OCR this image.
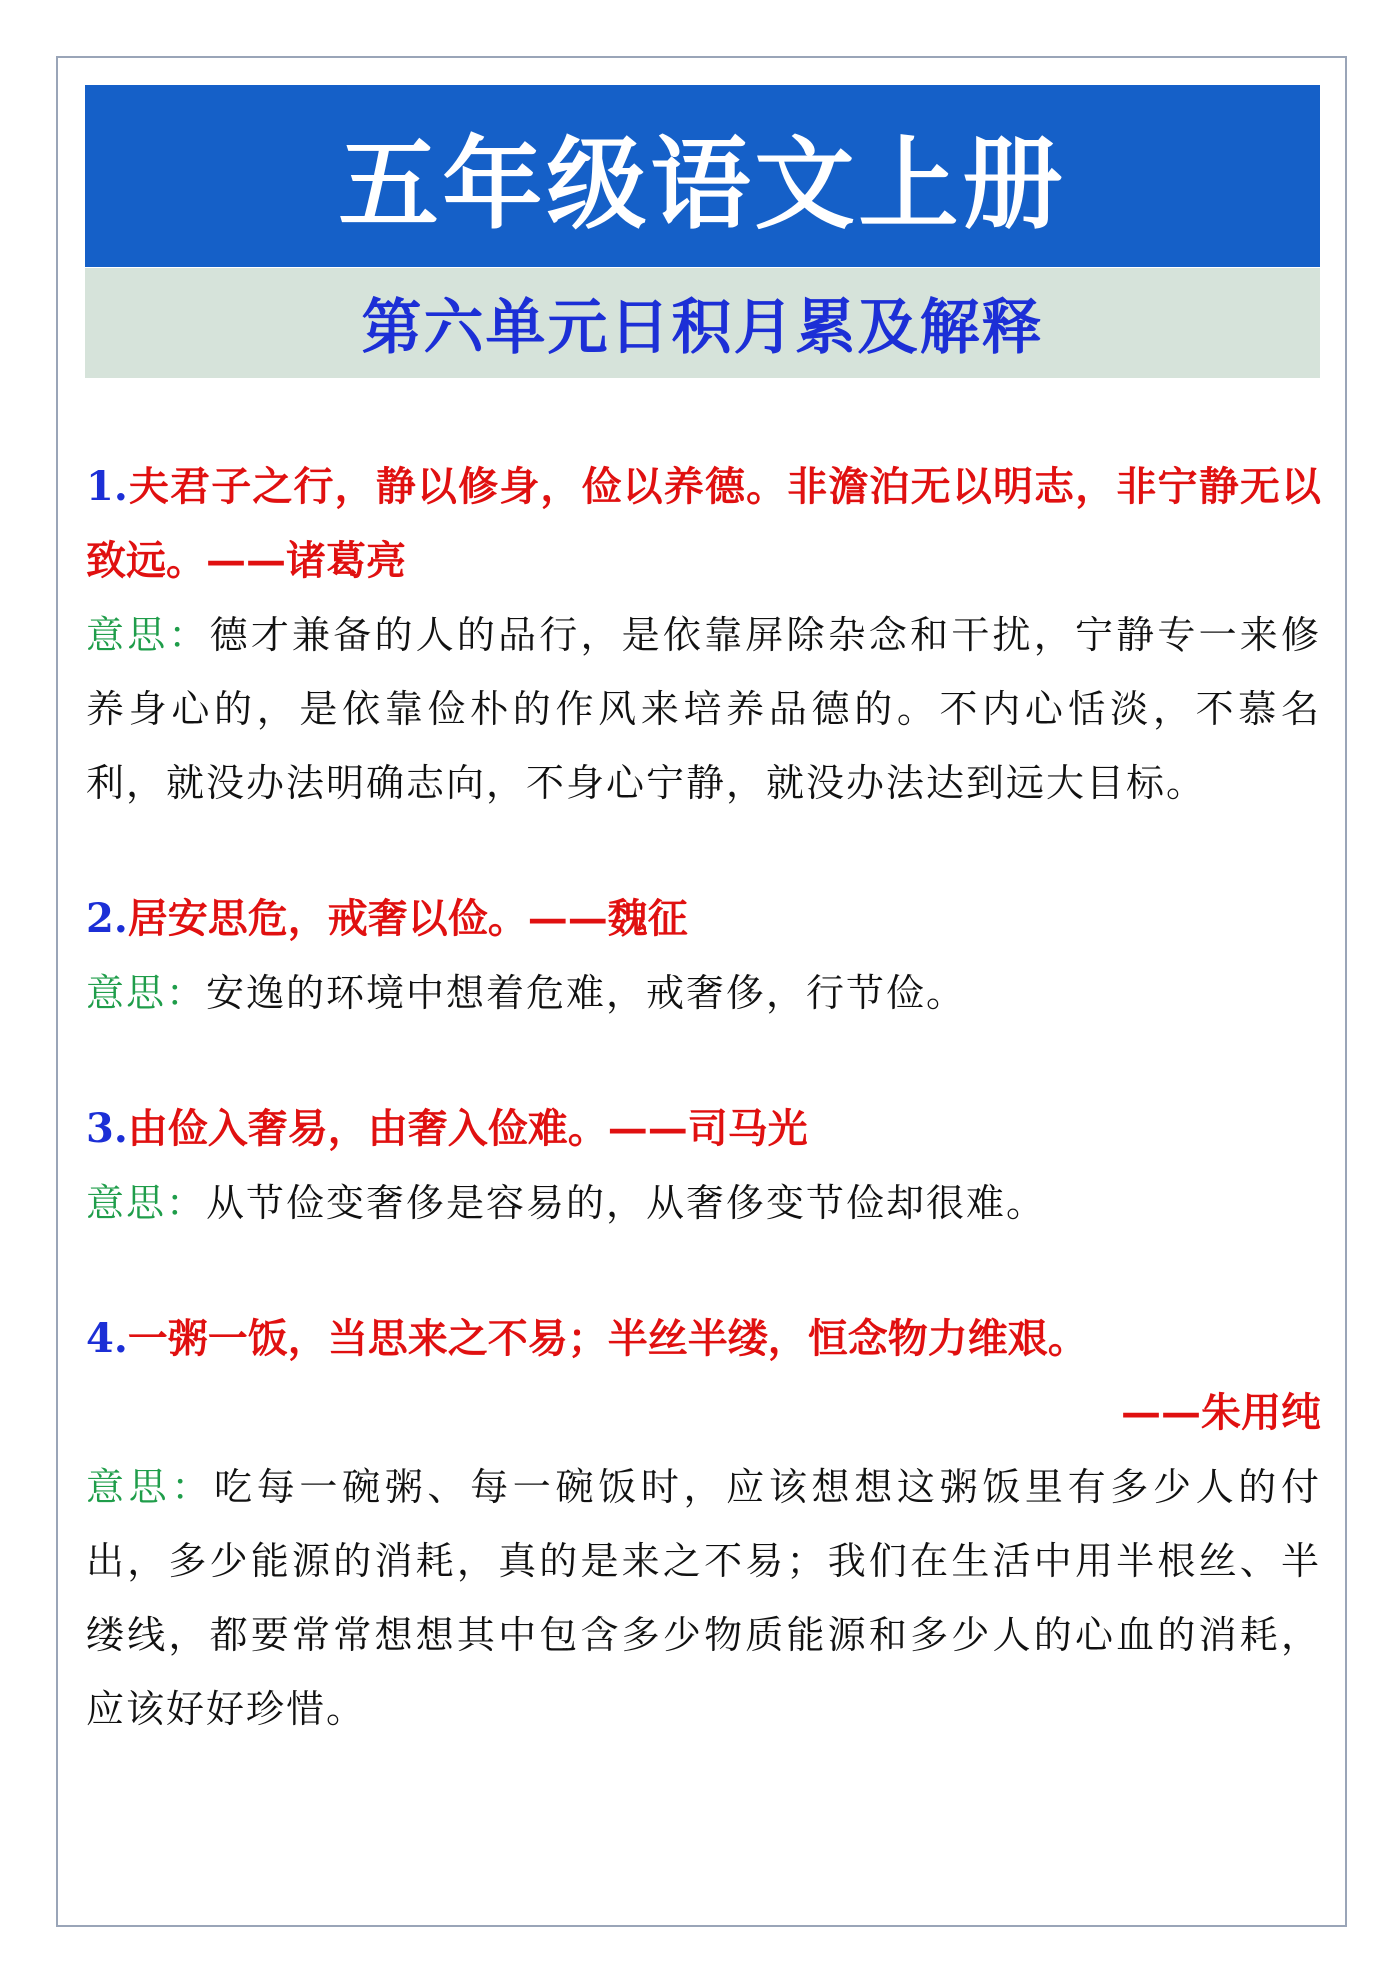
五年级语文上册
第六单元日积月累及解释
1.夫君子之行，静以修身，俭以养德。非澹泊无以明志，非宁静无以致远。——诸葛亮
意思：德才兼备的人的品行，是依靠屏除杂念和干扰，宁静专一来修养身心的，是依靠俭朴的作风来培养品德的。不内心恬淡，不慕名利，就没办法明确志向，不身心宁静，就没办法达到远大目标。
2.居安思危，戒奢以俭。——魏征
意思：安逸的环境中想着危难，戒奢侈，行节俭。
3.由俭入奢易，由奢入俭难。——司马光
意思：从节俭变奢侈是容易的，从奢侈变节俭却很难。
4.一粥一饭，当思来之不易；半丝半缕，恒念物力维艰。
——朱用纯
意思：吃每一碗粥、每一碗饭时，应该想想这粥饭里有多少人的付出，多少能源的消耗，真的是来之不易；我们在生活中用半根丝、半缕线，都要常常想想其中包含多少物质能源和多少人的心血的消耗，应该好好珍惜。
